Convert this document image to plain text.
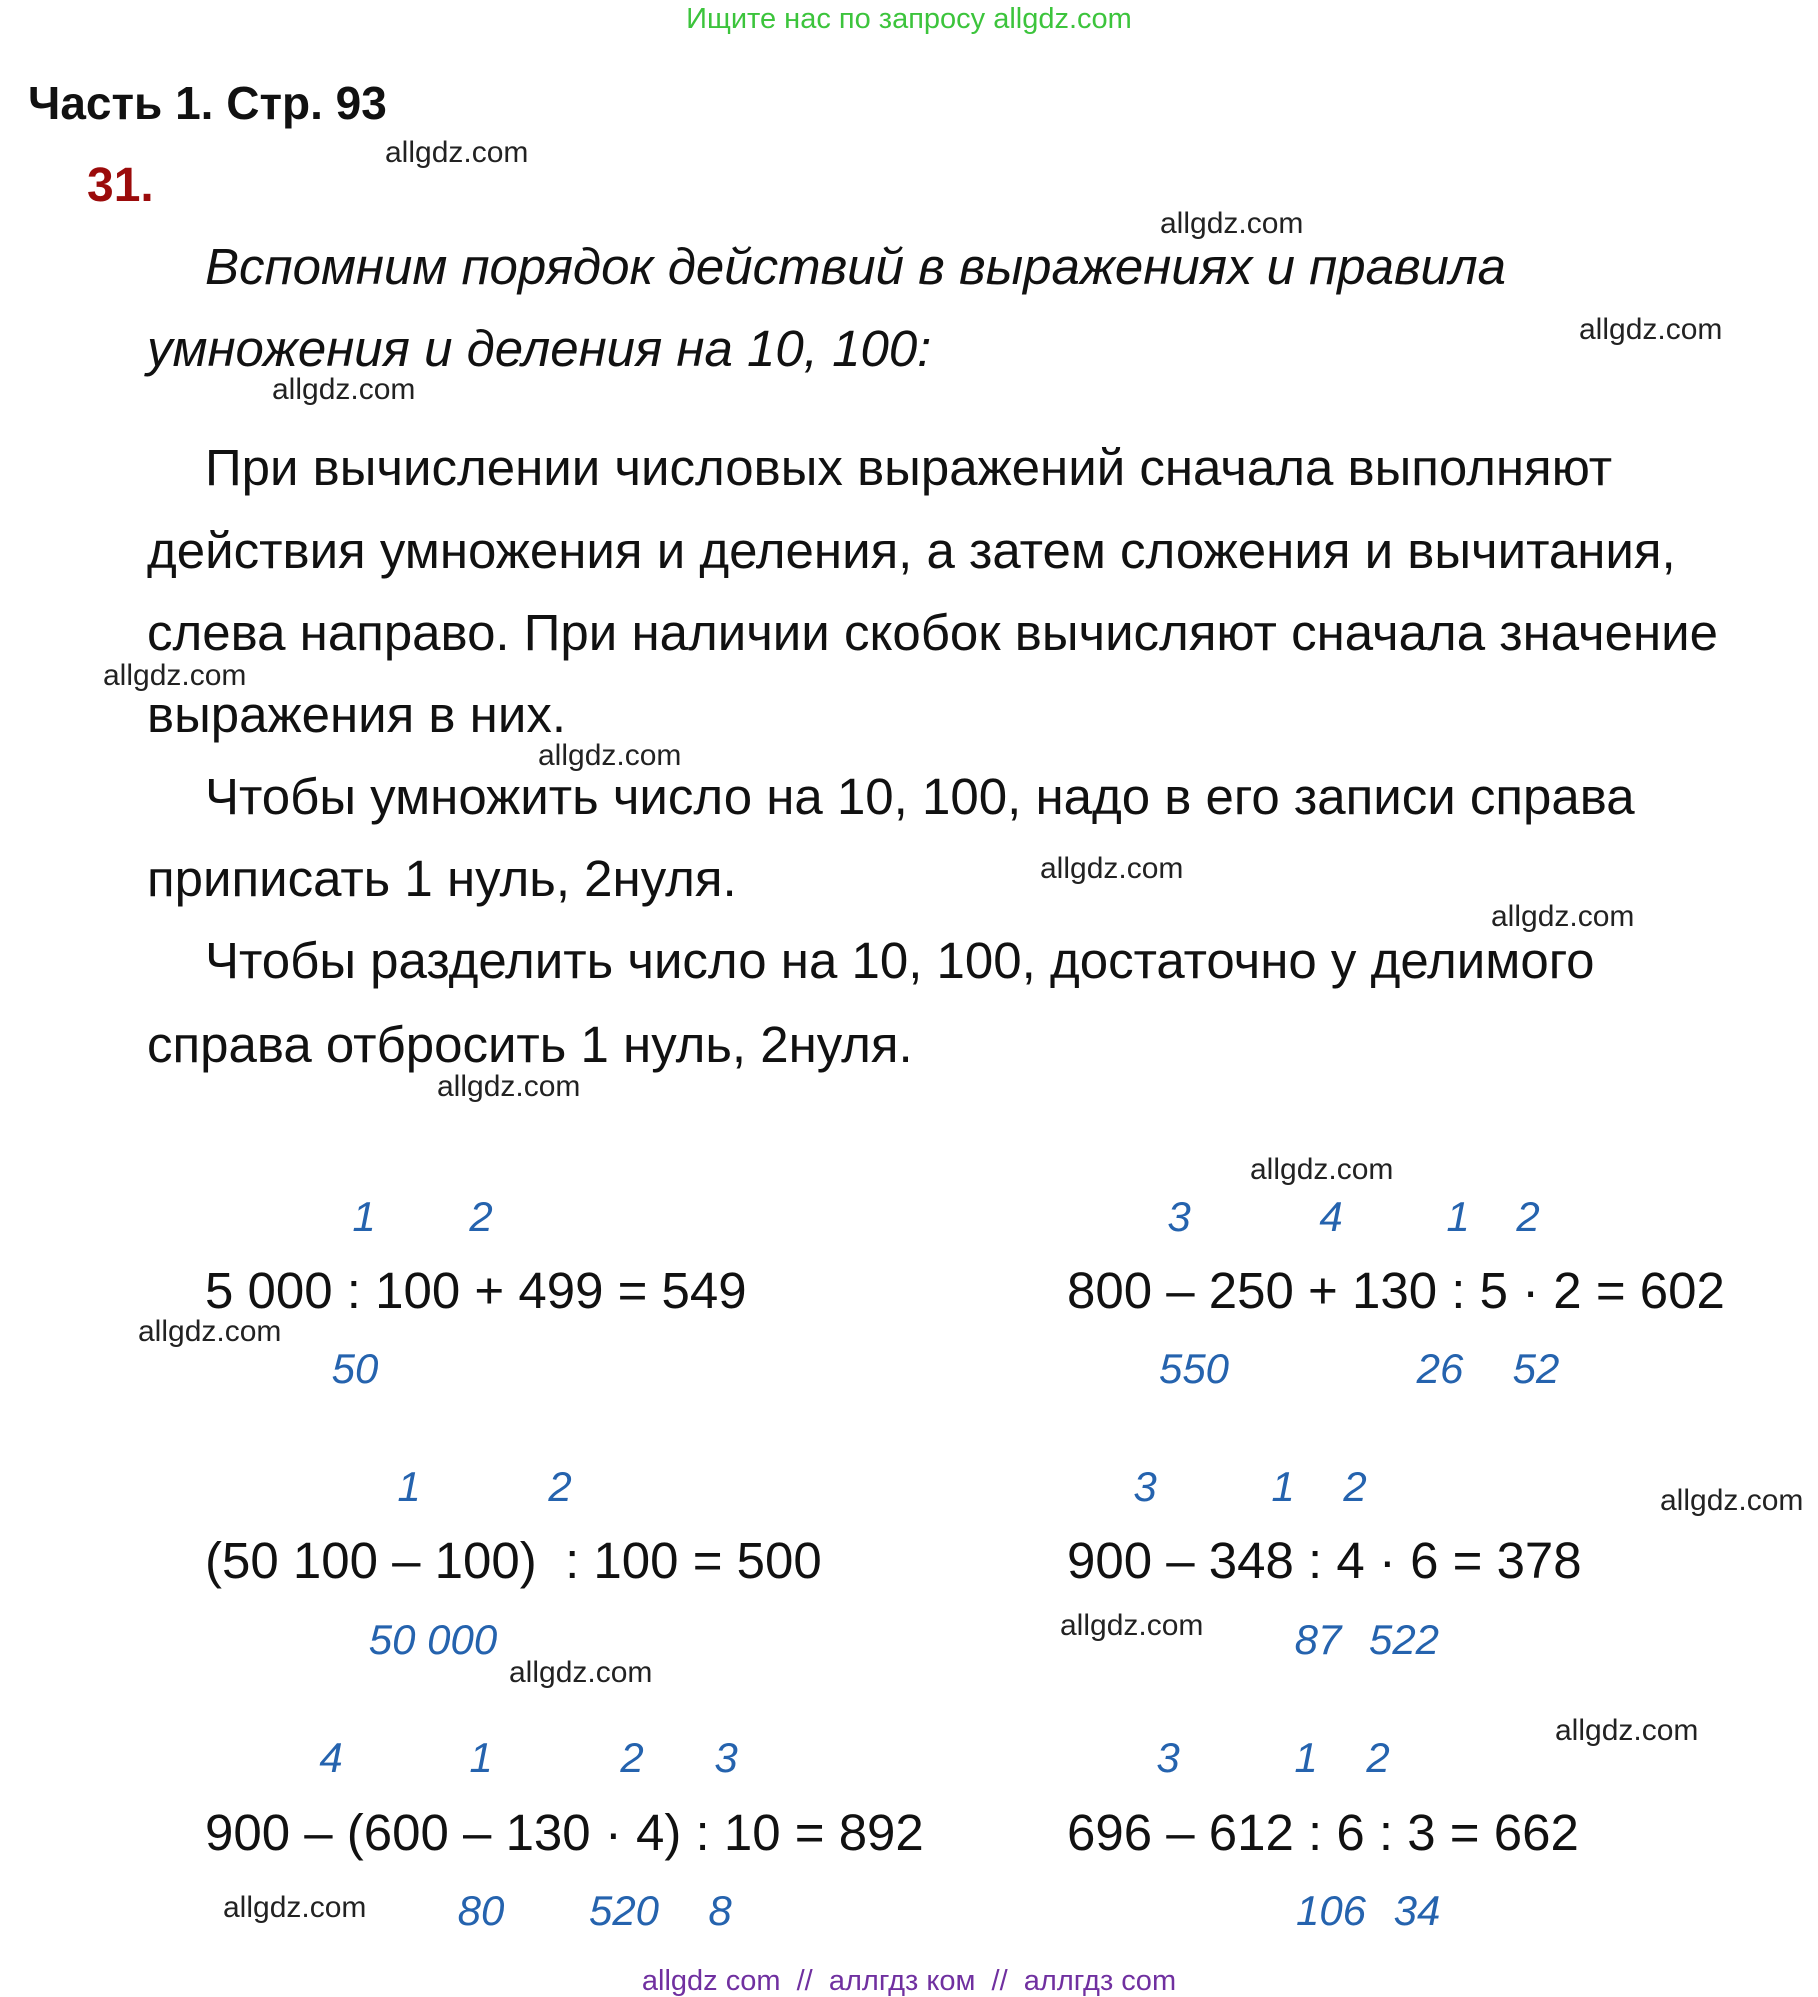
Ищите нас по запросу allgdz.com
Часть 1. Стр. 93
31.
Вспомним порядок действий в выражениях и правила
умножения и деления на 10, 100:
При вычислении числовых выражений сначала выполняют
действия умножения и деления, а затем сложения и вычитания,
слева направо. При наличии скобок вычисляют сначала значение
выражения в них.
Чтобы умножить число на 10, 100, надо в его записи справа
приписать 1 нуль, 2нуля.
Чтобы разделить число на 10, 100, достаточно у делимого
справа отбросить 1 нуль, 2нуля.
1 2
5 000 : 100 + 499 = 549
50
3	4 1 2
800 – 250 + 130 : 5 · 2 = 602
550	26 52
1	2
(50 100 – 100)  : 100 = 500
50 000
3	1 2
900 – 348 : 4 · 6 = 378
87 522
4	1	2 3
900 – (600 – 130 · 4) : 10 = 892
80 520 8
3	1 2
696 – 612 : 6 : 3 = 662
106 34
allgdz.com
allgdz.com
allgdz.com
allgdz.com
allgdz.com
allgdz.com
allgdz.com
allgdz.com
allgdz.com
allgdz.com
allgdz.com
allgdz.com
allgdz.com
allgdz.com
allgdz.com
allgdz.com
allgdz com  //  аллгдз ком  //  аллгдз com
